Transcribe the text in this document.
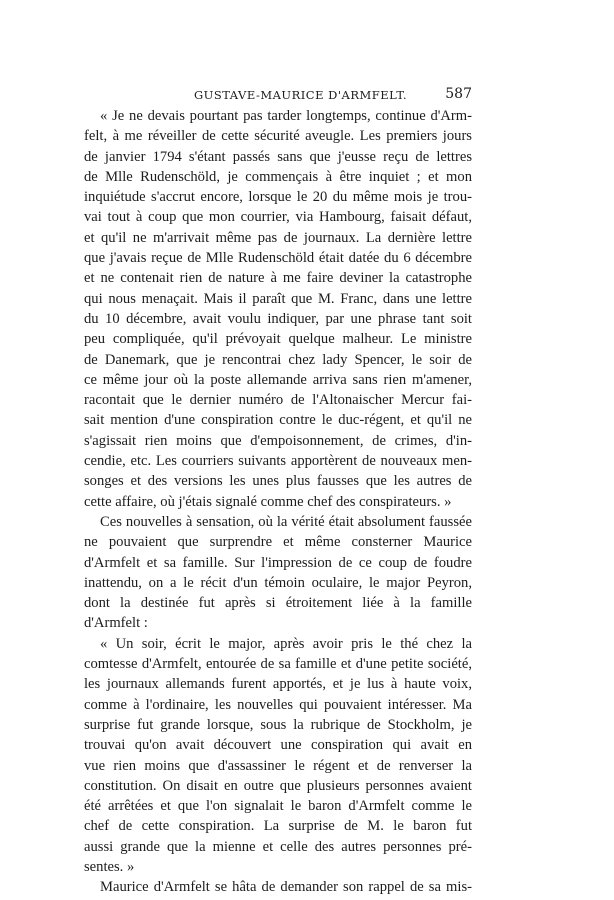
GUSTAVE-MAURICE D'ARMFELT.	587
« Je ne devais pourtant pas tarder longtemps, continue d'Arm-
felt, à me réveiller de cette sécurité aveugle. Les premiers jours
de janvier 1794 s'étant passés sans que j'eusse reçu de lettres
de Mlle Rudenschöld, je commençais à être inquiet ; et mon
inquiétude s'accrut encore, lorsque le 20 du même mois je trou-
vai tout à coup que mon courrier, via Hambourg, faisait défaut,
et qu'il ne m'arrivait même pas de journaux. La dernière lettre
que j'avais reçue de Mlle Rudenschöld était datée du 6 décembre
et ne contenait rien de nature à me faire deviner la catastrophe
qui nous menaçait. Mais il paraît que M. Franc, dans une lettre
du 10 décembre, avait voulu indiquer, par une phrase tant soit
peu compliquée, qu'il prévoyait quelque malheur. Le ministre
de Danemark, que je rencontrai chez lady Spencer, le soir de
ce même jour où la poste allemande arriva sans rien m'amener,
racontait que le dernier numéro de l'Altonaischer Mercur fai-
sait mention d'une conspiration contre le duc-régent, et qu'il ne
s'agissait rien moins que d'empoisonnement, de crimes, d'in-
cendie, etc. Les courriers suivants apportèrent de nouveaux men-
songes et des versions les unes plus fausses que les autres de
cette affaire, où j'étais signalé comme chef des conspirateurs. »
Ces nouvelles à sensation, où la vérité était absolument faussée
ne pouvaient que surprendre et même consterner Maurice
d'Armfelt et sa famille. Sur l'impression de ce coup de foudre
inattendu, on a le récit d'un témoin oculaire, le major Peyron,
dont la destinée fut après si étroitement liée à la famille
d'Armfelt :
« Un soir, écrit le major, après avoir pris le thé chez la
comtesse d'Armfelt, entourée de sa famille et d'une petite société,
les journaux allemands furent apportés, et je lus à haute voix,
comme à l'ordinaire, les nouvelles qui pouvaient intéresser. Ma
surprise fut grande lorsque, sous la rubrique de Stockholm, je
trouvai qu'on avait découvert une conspiration qui avait en
vue rien moins que d'assassiner le régent et de renverser la
constitution. On disait en outre que plusieurs personnes avaient
été arrêtées et que l'on signalait le baron d'Armfelt comme le
chef de cette conspiration. La surprise de M. le baron fut
aussi grande que la mienne et celle des autres personnes pré-
sentes. »
Maurice d'Armfelt se hâta de demander son rappel de sa mis-
